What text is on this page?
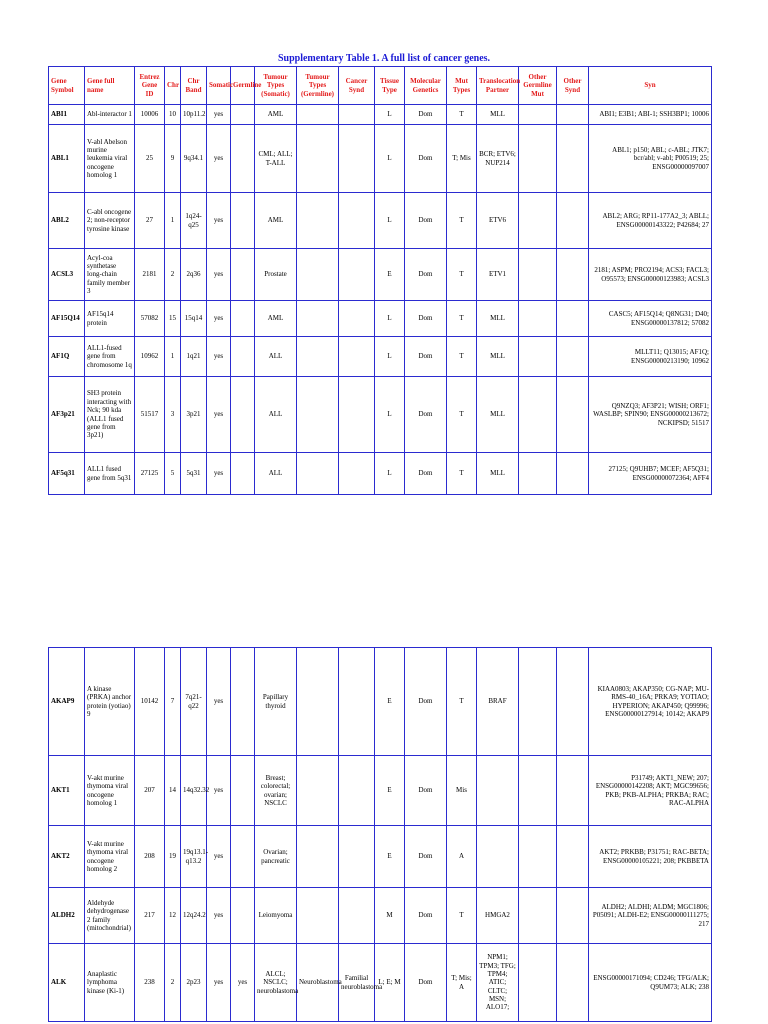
Supplementary Table 1. A full list of cancer genes.
Gene Symbol	Gene full name	Entrez Gene ID	Chr	Chr Band	Somatic	Germline	Tumour Types (Somatic)	Tumour Types (Germline)	Cancer Synd	Tissue Type	Molecular Genetics	Mut Types	Translocation Partner	Other Germline Mut	Other Synd	Syn
ABI1	Abl-interactor 1	10006	10	10p11.2	yes		AML			L	Dom	T	MLL			ABI1; E3B1; ABI-1; SSH3BP1; 10006
ABL1	V-abl Abelson murine leukemia viral oncogene homolog 1	25	9	9q34.1	yes		CML; ALL; T-ALL			L	Dom	T; Mis	BCR; ETV6; NUP214			ABL1; p150; ABL; c-ABL; JTK7; bcr/abl; v-abl; P00519; 25; ENSG00000097007
ABL2	C-abl oncogene 2; non-receptor tyrosine kinase	27	1	1q24-q25	yes		AML			L	Dom	T	ETV6			ABL2; ARG; RP11-177A2_3; ABLL; ENSG00000143322; P42684; 27
ACSL3	Acyl-coa synthetase long-chain family member 3	2181	2	2q36	yes		Prostate			E	Dom	T	ETV1			2181; ASPM; PRO2194; ACS3; FACL3; O95573; ENSG00000123983; ACSL3
AF15Q14	AF15q14 protein	57082	15	15q14	yes		AML			L	Dom	T	MLL			CASC5; AF15Q14; Q8NG31; D40; ENSG00000137812; 57082
AF1Q	ALL1-fused gene from chromosome 1q	10962	1	1q21	yes		ALL			L	Dom	T	MLL			MLLT11; Q13015; AF1Q; ENSG00000213190; 10962
AF3p21	SH3 protein interacting with Nck; 90 kda (ALL1 fused gene from 3p21)	51517	3	3p21	yes		ALL			L	Dom	T	MLL			Q9NZQ3; AF3P21; WISH; ORF1; WASLBP; SPIN90; ENSG00000213672; NCKIPSD; 51517
AF5q31	ALL1 fused gene from 5q31	27125	5	5q31	yes		ALL			L	Dom	T	MLL			27125; Q9UHB7; MCEF; AF5Q31; ENSG00000072364; AFF4
AKAP9	A kinase (PRKA) anchor protein (yotiao) 9	10142	7	7q21-q22	yes		Papillary thyroid			E	Dom	T	BRAF			KIAA0803; AKAP350; CG-NAP; MU-RMS-40_16A; PRKA9; YOTIAO; HYPERION; AKAP450; Q99996; ENSG00000127914; 10142; AKAP9
AKT1	V-akt murine thymoma viral oncogene homolog 1	207	14	14q32.32	yes		Breast; colorectal; ovarian; NSCLC			E	Dom	Mis				P31749; AKT1_NEW; 207; ENSG00000142208; AKT; MGC99656; PKB; PKB-ALPHA; PRKBA; RAC; RAC-ALPHA
AKT2	V-akt murine thymoma viral oncogene homolog 2	208	19	19q13.1-q13.2	yes		Ovarian; pancreatic			E	Dom	A				AKT2; PRKBB; P31751; RAC-BETA; ENSG00000105221; 208; PKBBETA
ALDH2	Aldehyde dehydrogenase 2 family (mitochondrial)	217	12	12q24.2	yes		Leiomyoma			M	Dom	T	HMGA2			ALDH2; ALDHI; ALDM; MGC1806; P05091; ALDH-E2; ENSG00000111275; 217
ALK	Anaplastic lymphoma kinase (Ki-1)	238	2	2p23	yes	yes	ALCL; NSCLC; neuroblastoma	Neuroblastoma	Familial neuroblastoma	L; E; M	Dom	T; Mis; A	NPM1; TPM3; TFG; TPM4; ATIC; CLTC; MSN; ALO17;			ENSG00000171094; CD246; TFG/ALK; Q9UM73; ALK; 238
